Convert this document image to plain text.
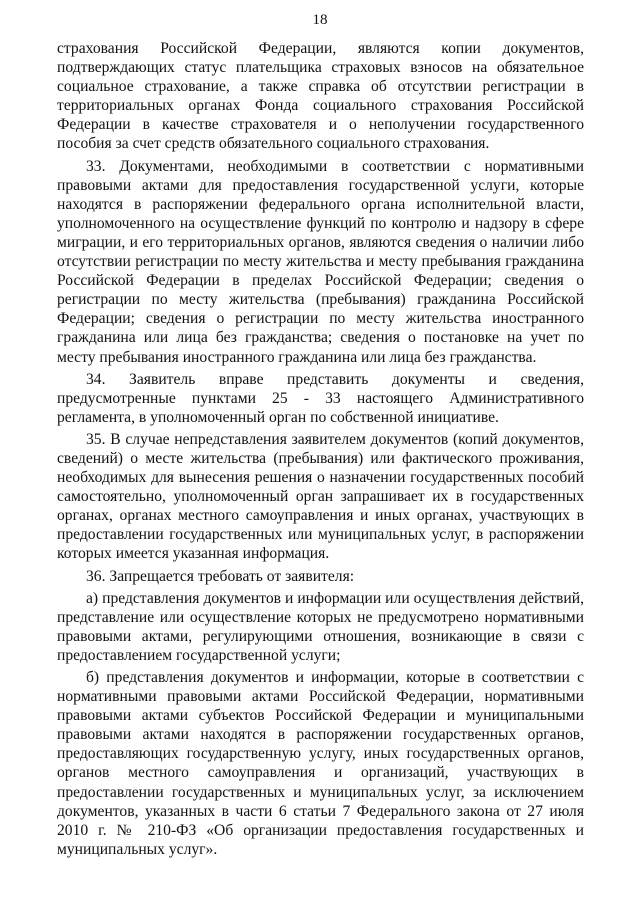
18

страхования Российской Федерации, являются копии документов, подтверждающих статус плательщика страховых взносов на обязательное социальное страхование, а также справка об отсутствии регистрации в территориальных органах Фонда социального страхования Российской Федерации в качестве страхователя и о неполучении государственного пособия за счет средств обязательного социального страхования.

33. Документами, необходимыми в соответствии с нормативными правовыми актами для предоставления государственной услуги, которые находятся в распоряжении федерального органа исполнительной власти, уполномоченного на осуществление функций по контролю и надзору в сфере миграции, и его территориальных органов, являются сведения о наличии либо отсутствии регистрации по месту жительства и месту пребывания гражданина Российской Федерации в пределах Российской Федерации; сведения о регистрации по месту жительства (пребывания) гражданина Российской Федерации; сведения о регистрации по месту жительства иностранного гражданина или лица без гражданства; сведения о постановке на учет по месту пребывания иностранного гражданина или лица без гражданства.

34. Заявитель вправе представить документы и сведения, предусмотренные пунктами 25 - 33 настоящего Административного регламента, в уполномоченный орган по собственной инициативе.

35. В случае непредставления заявителем документов (копий документов, сведений) о месте жительства (пребывания) или фактического проживания, необходимых для вынесения решения о назначении государственных пособий самостоятельно, уполномоченный орган запрашивает их в государственных органах, органах местного самоуправления и иных органах, участвующих в предоставлении государственных или муниципальных услуг, в распоряжении которых имеется указанная информация.

36. Запрещается требовать от заявителя:

а) представления документов и информации или осуществления действий, представление или осуществление которых не предусмотрено нормативными правовыми актами, регулирующими отношения, возникающие в связи с предоставлением государственной услуги;

б) представления документов и информации, которые в соответствии с нормативными правовыми актами Российской Федерации, нормативными правовыми актами субъектов Российской Федерации и муниципальными правовыми актами находятся в распоряжении государственных органов, предоставляющих государственную услугу, иных государственных органов, органов местного самоуправления и организаций, участвующих в предоставлении государственных и муниципальных услуг, за исключением документов, указанных в части 6 статьи 7 Федерального закона от 27 июля 2010 г. № 210-ФЗ «Об организации предоставления государственных и муниципальных услуг».
